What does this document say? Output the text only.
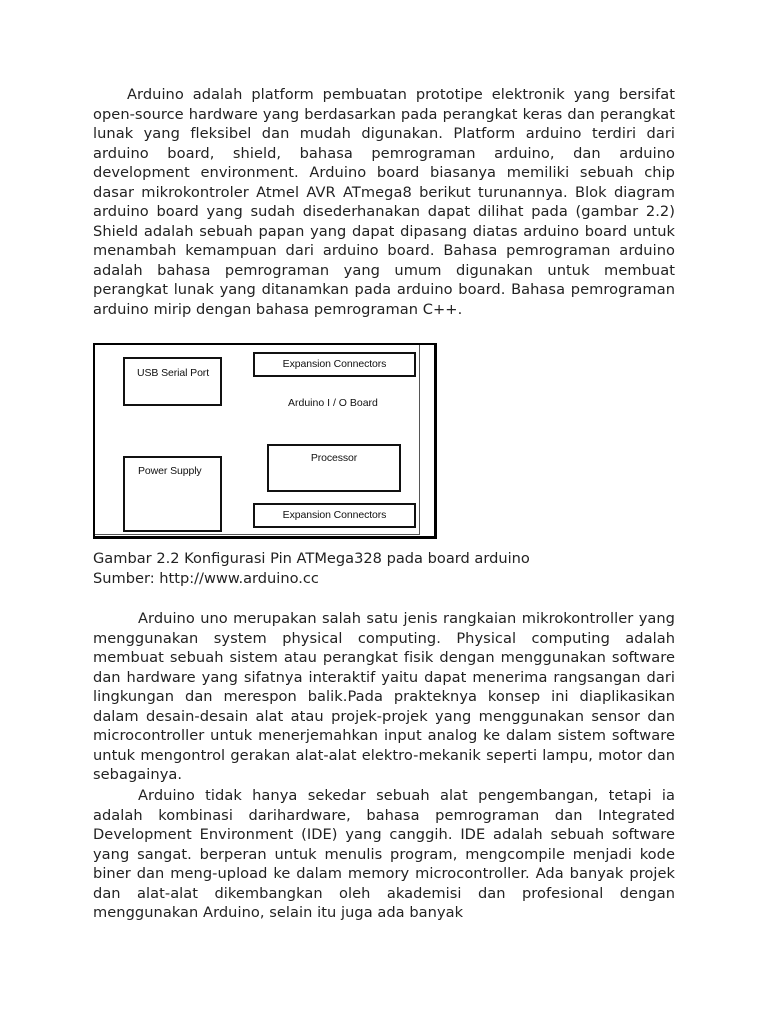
Arduino adalah platform pembuatan prototipe elektronik yang bersifat open-source hardware yang berdasarkan pada perangkat keras dan perangkat lunak yang fleksibel dan mudah digunakan. Platform arduino terdiri dari arduino board, shield, bahasa pemrograman arduino, dan arduino development environment. Arduino board biasanya memiliki sebuah chip dasar mikrokontroler Atmel AVR ATmega8 berikut turunannya. Blok diagram arduino board yang sudah disederhanakan dapat dilihat pada (gambar 2.2) Shield adalah sebuah papan yang dapat dipasang diatas arduino board untuk menambah kemampuan dari arduino board. Bahasa pemrograman arduino adalah bahasa pemrograman yang umum digunakan untuk membuat perangkat lunak yang ditanamkan pada arduino board. Bahasa pemrograman arduino mirip dengan bahasa pemrograman C++.

USB Serial Port
Expansion Connectors
Arduino I / O Board
Power Supply
Processor
Expansion Connectors

Gambar 2.2 Konfigurasi Pin ATMega328 pada board arduino

Sumber: http://www.arduino.cc

Arduino uno merupakan salah satu jenis rangkaian mikrokontroller yang menggunakan system physical computing. Physical computing adalah membuat sebuah sistem atau perangkat fisik dengan menggunakan software dan hardware yang sifatnya interaktif yaitu dapat menerima rangsangan dari lingkungan dan merespon balik.Pada prakteknya konsep ini diaplikasikan dalam desain-desain alat atau projek-projek yang menggunakan sensor dan microcontroller untuk menerjemahkan input analog ke dalam sistem software untuk mengontrol gerakan alat-alat elektro-mekanik seperti lampu, motor dan sebagainya.

Arduino tidak hanya sekedar sebuah alat pengembangan, tetapi ia adalah kombinasi darihardware, bahasa pemrograman dan Integrated Development Environment (IDE) yang canggih. IDE adalah sebuah software yang sangat. berperan untuk menulis program, mengcompile menjadi kode biner dan meng-upload ke dalam memory microcontroller. Ada banyak projek dan alat-alat dikembangkan oleh akademisi dan profesional dengan menggunakan Arduino, selain itu juga ada banyak
